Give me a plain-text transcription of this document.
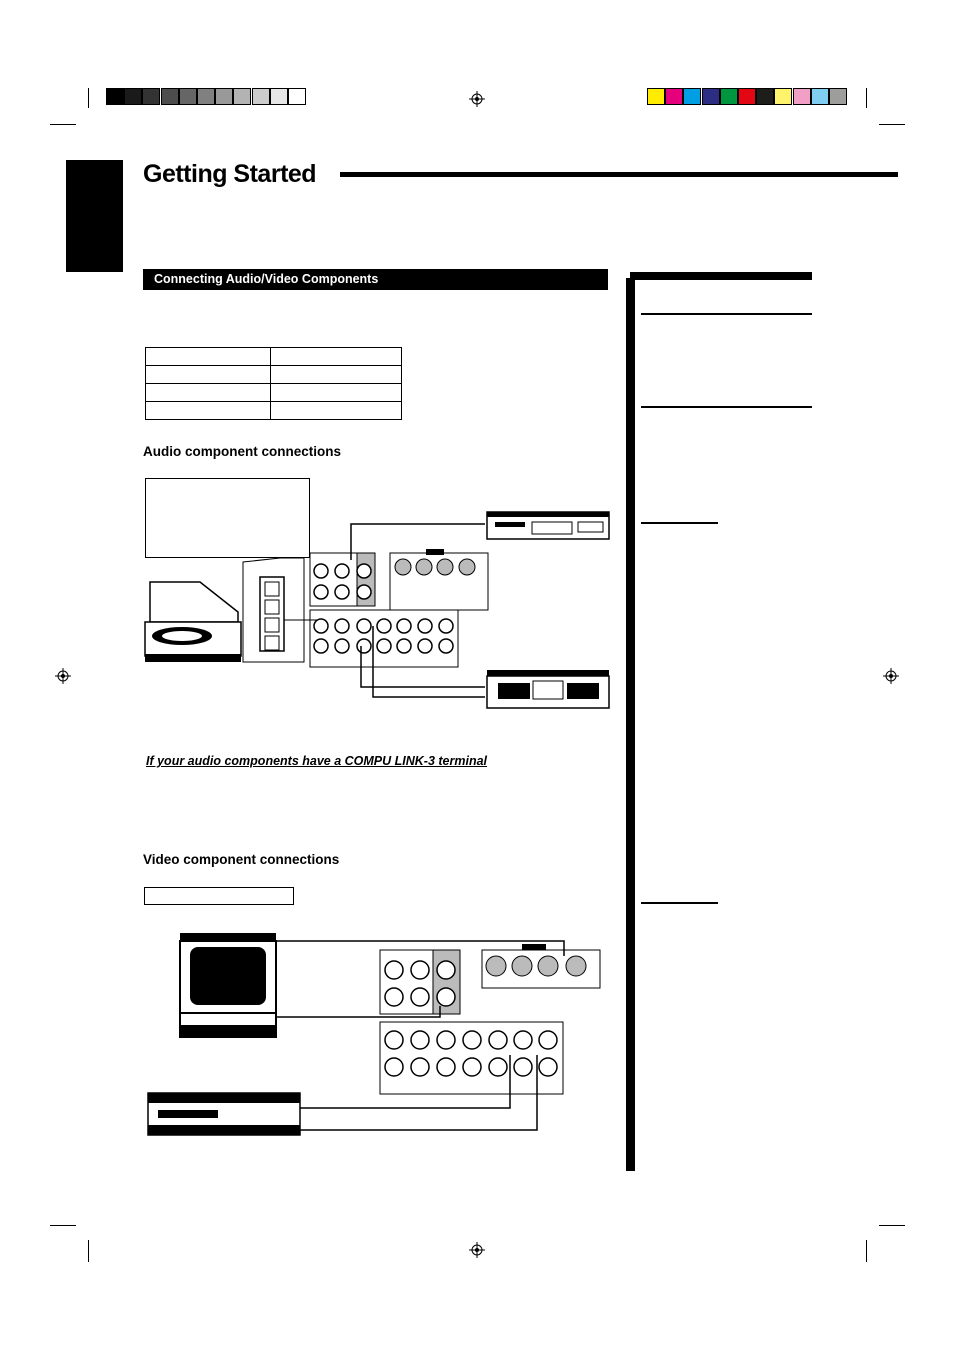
Getting Started
Connecting Audio/Video Components

Audio component connections
If your audio components have a COMPU LINK-3 terminal
Video component connections
